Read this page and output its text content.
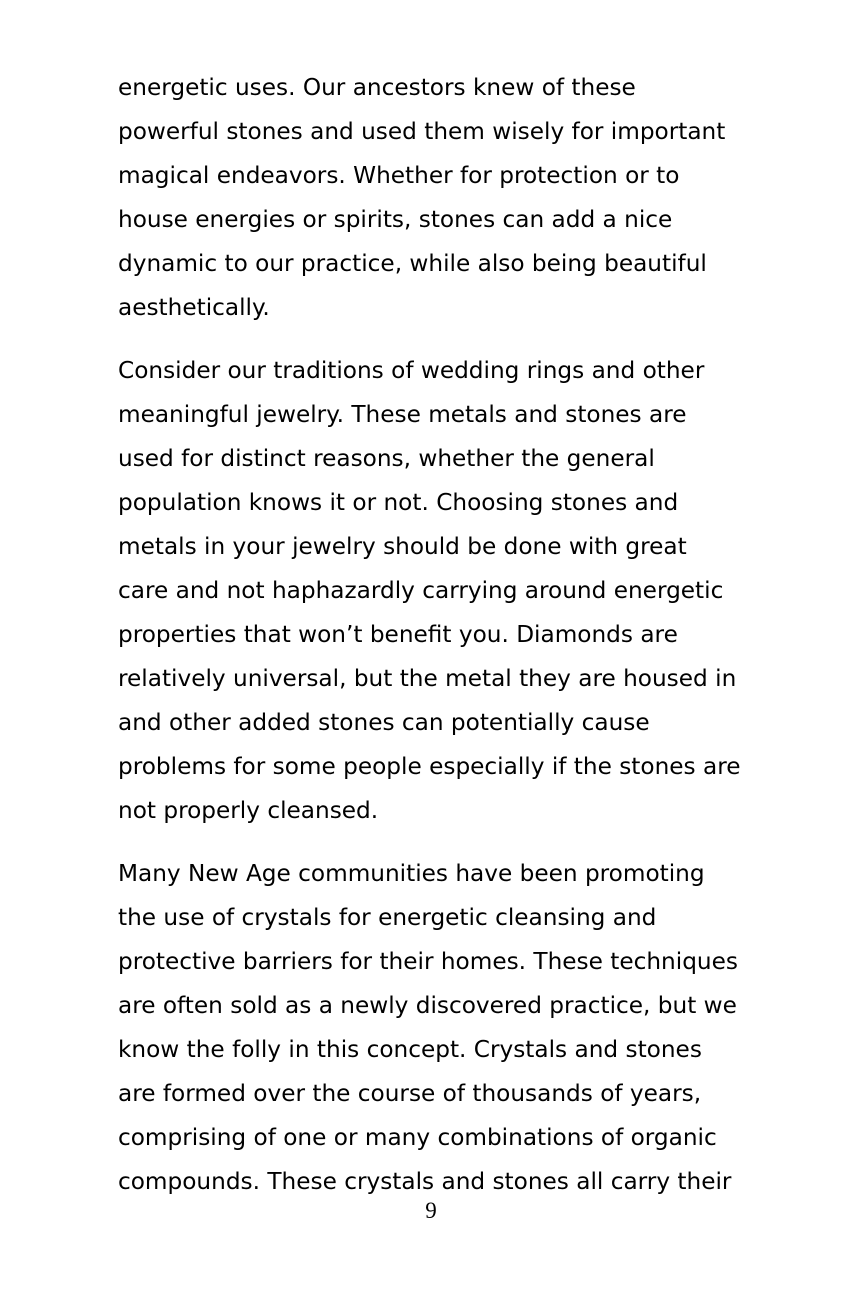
energetic uses. Our ancestors knew of these
powerful stones and used them wisely for important
magical endeavors. Whether for protection or to
house energies or spirits, stones can add a nice
dynamic to our practice, while also being beautiful
aesthetically.

Consider our traditions of wedding rings and other
meaningful jewelry. These metals and stones are
used for distinct reasons, whether the general
population knows it or not. Choosing stones and
metals in your jewelry should be done with great
care and not haphazardly carrying around energetic
properties that won’t benefit you. Diamonds are
relatively universal, but the metal they are housed in
and other added stones can potentially cause
problems for some people especially if the stones are
not properly cleansed.

Many New Age communities have been promoting
the use of crystals for energetic cleansing and
protective barriers for their homes. These techniques
are often sold as a newly discovered practice, but we
know the folly in this concept. Crystals and stones
are formed over the course of thousands of years,
comprising of one or many combinations of organic
compounds. These crystals and stones all carry their

9
